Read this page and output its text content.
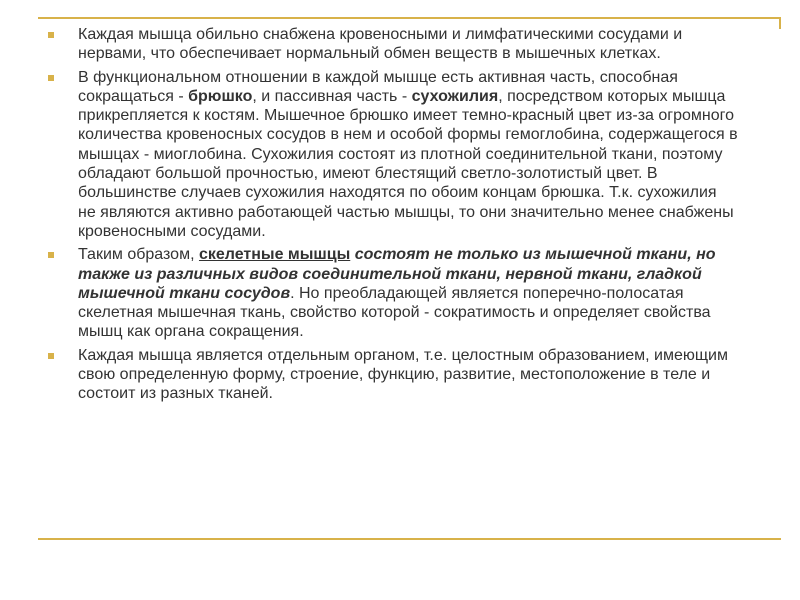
Каждая мышца обильно снабжена кровеносными и лимфатическими сосудами и нервами, что обеспечивает нормальный обмен веществ в мышечных клетках.

В функциональном отношении в каждой мышце есть активная часть, способная сокращаться - брюшко, и пассивная часть - сухожилия, посредством которых мышца прикрепляется к костям. Мышечное брюшко имеет темно-красный цвет из-за огромного количества кровеносных сосудов в нем и особой формы гемоглобина, содержащегося в мышцах - миоглобина. Сухожилия состоят из плотной соединительной ткани, поэтому обладают большой прочностью, имеют блестящий светло-золотистый цвет. В большинстве случаев сухожилия находятся по обоим концам брюшка. Т.к. сухожилия не являются активно работающей частью мышцы, то они значительно менее снабжены кровеносными сосудами.

Таким образом, скелетные мышцы состоят не только из мышечной ткани, но также из различных видов соединительной ткани, нервной ткани, гладкой мышечной ткани сосудов. Но преобладающей является поперечно-полосатая скелетная мышечная ткань, свойство которой - сократимость и определяет свойства мышц как органа сокращения.

Каждая мышца является отдельным органом, т.е. целостным образованием, имеющим свою определенную форму, строение, функцию, развитие, местоположение в теле и состоит из разных тканей.
